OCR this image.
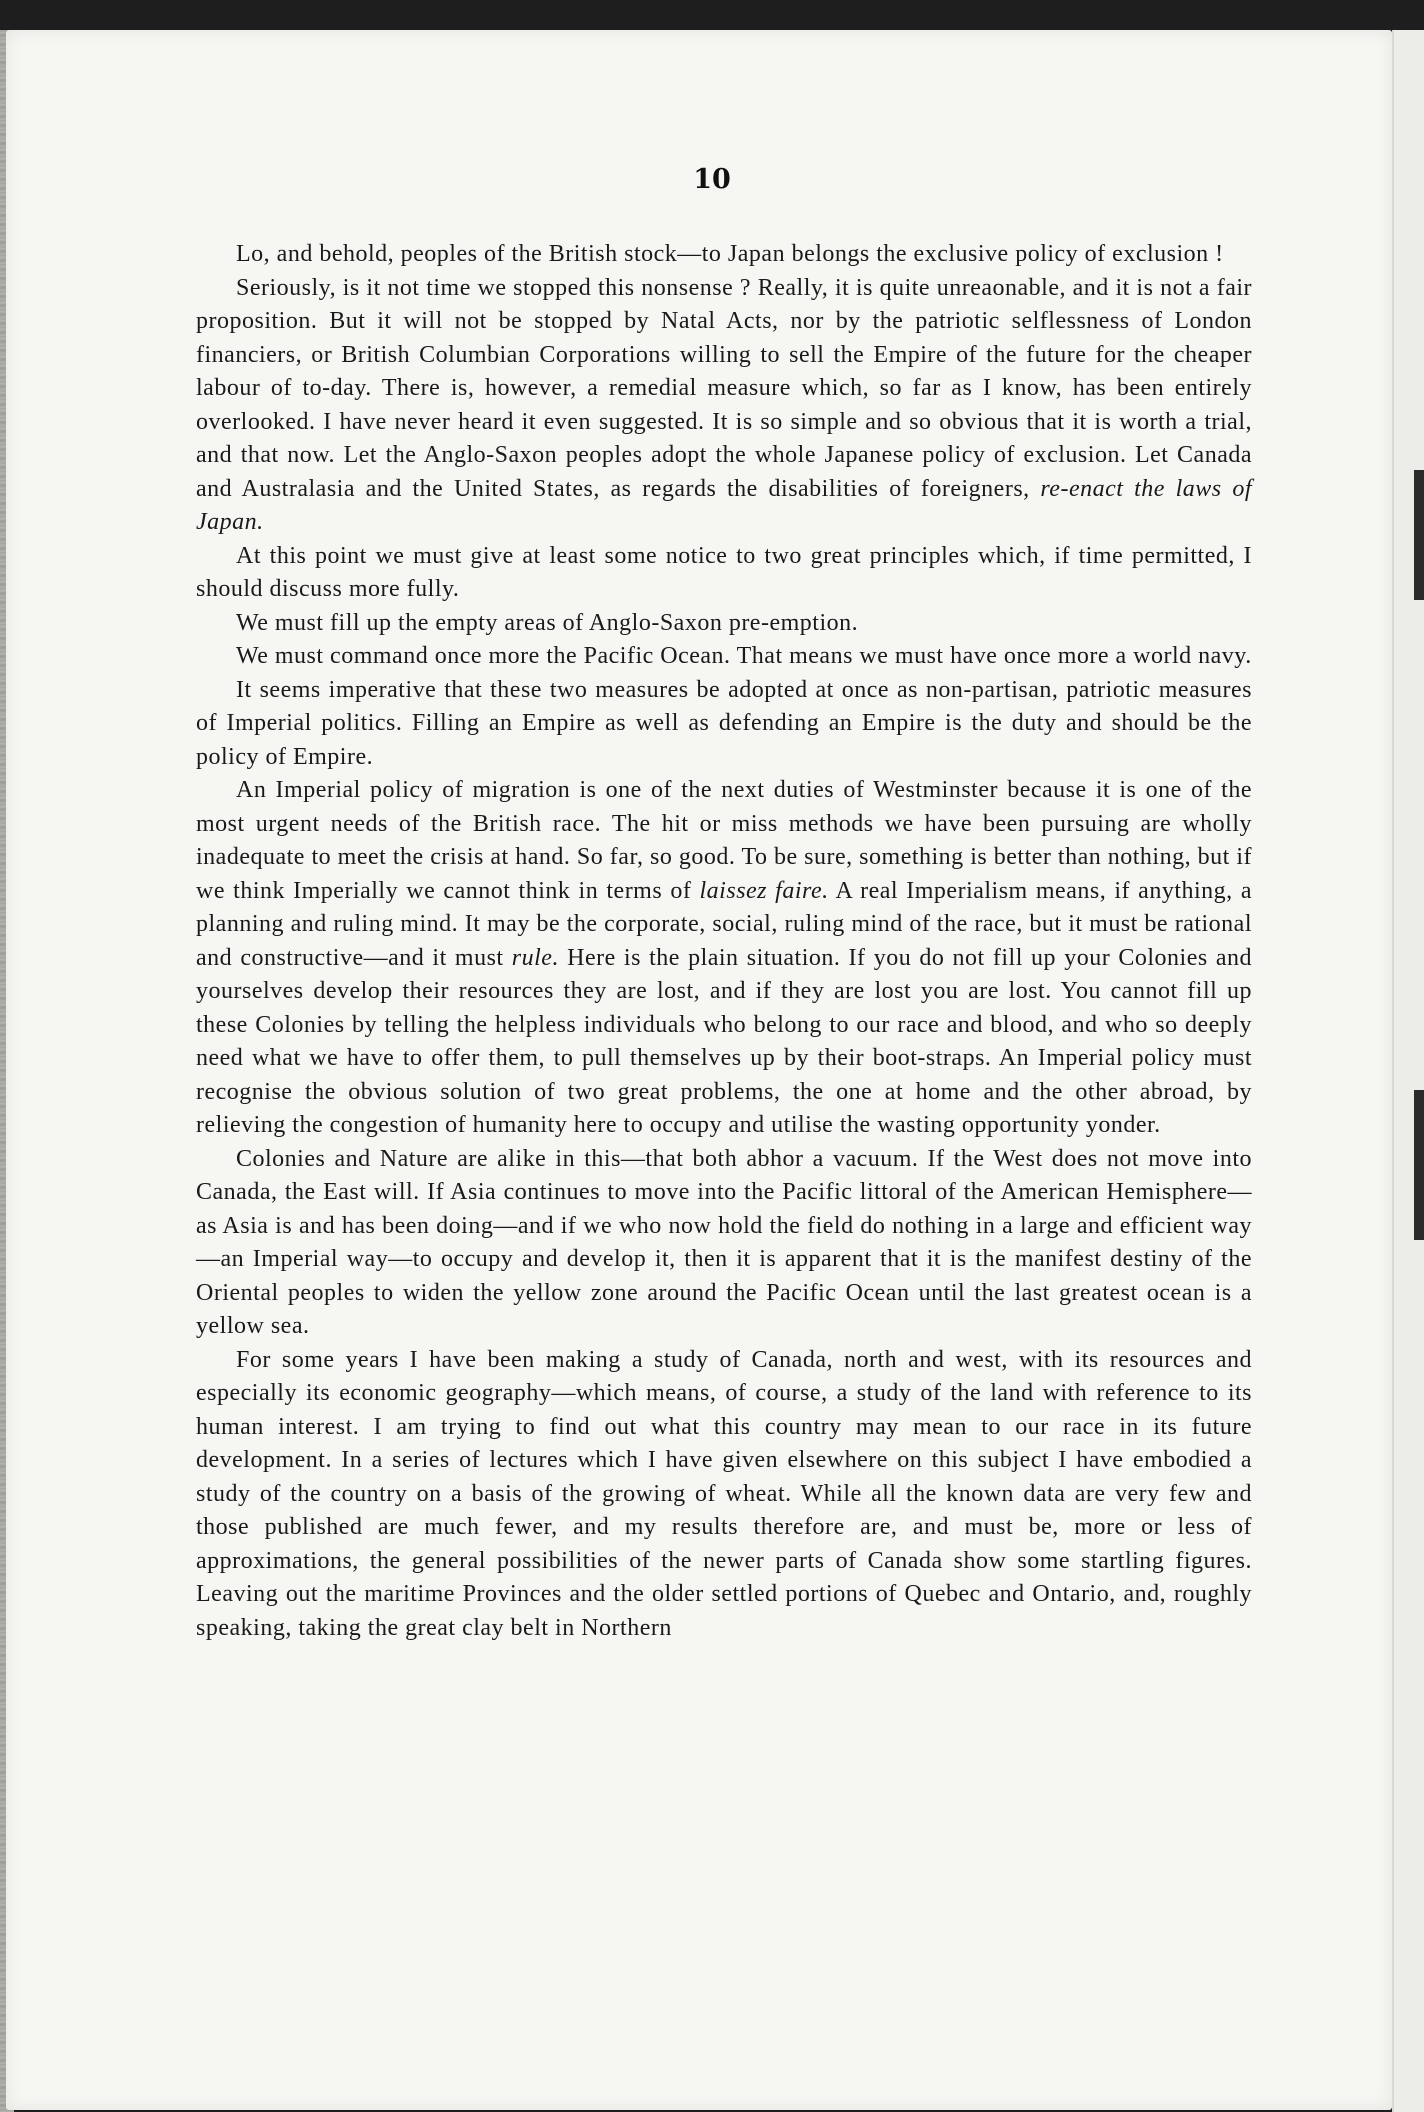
10

Lo, and behold, peoples of the British stock—to Japan belongs the exclusive policy of exclusion !

Seriously, is it not time we stopped this nonsense ? Really, it is quite unreaonable, and it is not a fair proposition. But it will not be stopped by Natal Acts, nor by the patriotic selflessness of London financiers, or British Columbian Corporations willing to sell the Empire of the future for the cheaper labour of to-day. There is, however, a remedial measure which, so far as I know, has been entirely overlooked. I have never heard it even suggested. It is so simple and so obvious that it is worth a trial, and that now. Let the Anglo-Saxon peoples adopt the whole Japanese policy of exclusion. Let Canada and Australasia and the United States, as regards the disabilities of foreigners, re-enact the laws of Japan.

At this point we must give at least some notice to two great principles which, if time permitted, I should discuss more fully.

We must fill up the empty areas of Anglo-Saxon pre-emption.

We must command once more the Pacific Ocean. That means we must have once more a world navy.

It seems imperative that these two measures be adopted at once as non-partisan, patriotic measures of Imperial politics. Filling an Empire as well as defending an Empire is the duty and should be the policy of Empire.

An Imperial policy of migration is one of the next duties of Westminster because it is one of the most urgent needs of the British race. The hit or miss methods we have been pursuing are wholly inadequate to meet the crisis at hand. So far, so good. To be sure, something is better than nothing, but if we think Imperially we cannot think in terms of laissez faire. A real Imperialism means, if anything, a planning and ruling mind. It may be the corporate, social, ruling mind of the race, but it must be rational and constructive—and it must rule. Here is the plain situation. If you do not fill up your Colonies and yourselves develop their resources they are lost, and if they are lost you are lost. You cannot fill up these Colonies by telling the helpless individuals who belong to our race and blood, and who so deeply need what we have to offer them, to pull themselves up by their boot-straps. An Imperial policy must recognise the obvious solution of two great problems, the one at home and the other abroad, by relieving the congestion of humanity here to occupy and utilise the wasting opportunity yonder.

Colonies and Nature are alike in this—that both abhor a vacuum. If the West does not move into Canada, the East will. If Asia continues to move into the Pacific littoral of the American Hemisphere—as Asia is and has been doing—and if we who now hold the field do nothing in a large and efficient way—an Imperial way—to occupy and develop it, then it is apparent that it is the manifest destiny of the Oriental peoples to widen the yellow zone around the Pacific Ocean until the last greatest ocean is a yellow sea.

For some years I have been making a study of Canada, north and west, with its resources and especially its economic geography—which means, of course, a study of the land with reference to its human interest. I am trying to find out what this country may mean to our race in its future development. In a series of lectures which I have given elsewhere on this subject I have embodied a study of the country on a basis of the growing of wheat. While all the known data are very few and those published are much fewer, and my results therefore are, and must be, more or less of approximations, the general possibilities of the newer parts of Canada show some startling figures. Leaving out the maritime Provinces and the older settled portions of Quebec and Ontario, and, roughly speaking, taking the great clay belt in Northern
